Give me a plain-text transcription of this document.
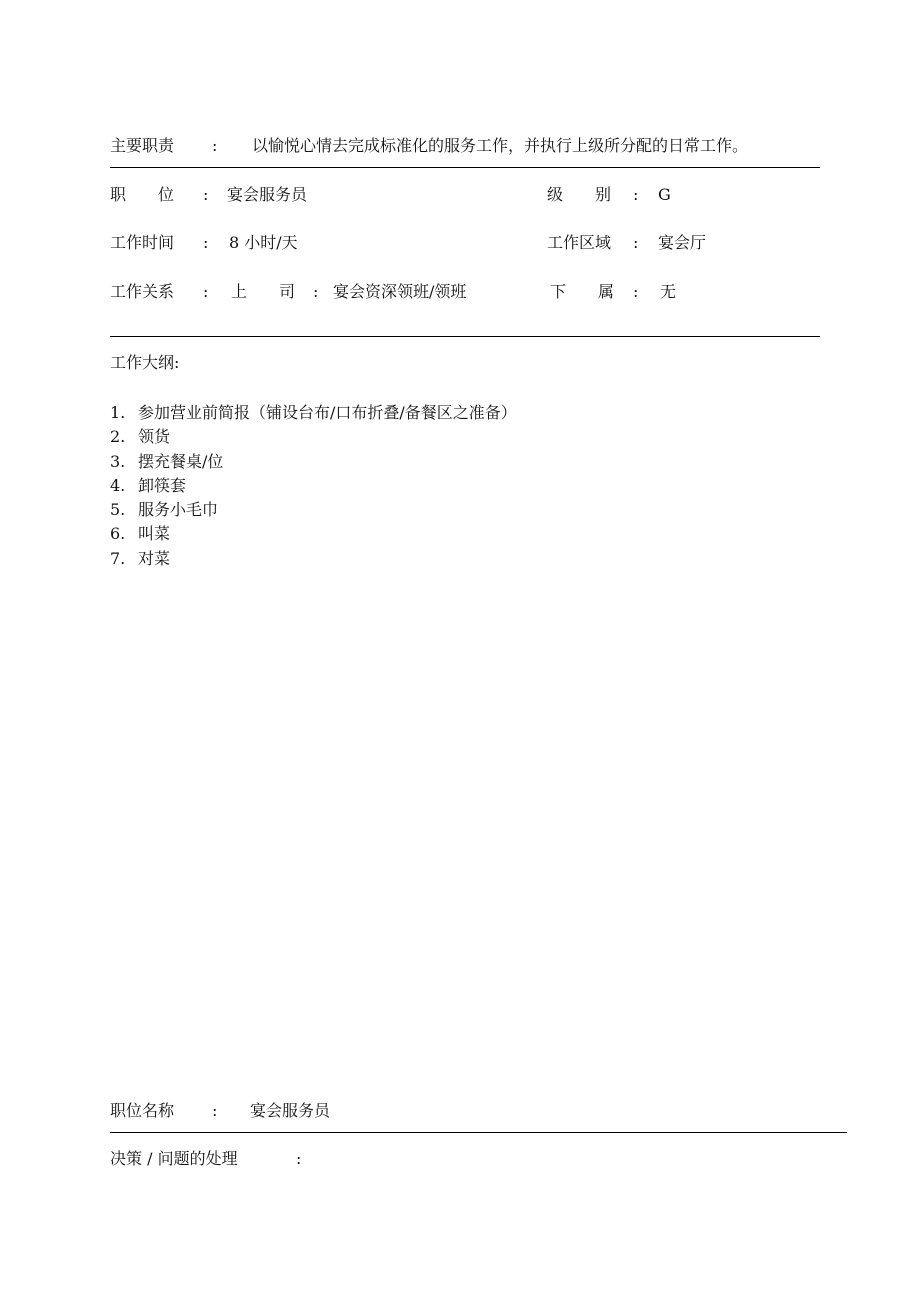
主要职责 : 以愉悦心情去完成标准化的服务工作，并执行上级所分配的日常工作。
职　　位 : 宴会服务员	级　　别 : G
工作时间 : 8 小时/天	工作区域 : 宴会厅
工作关系 : 上　　司 : 宴会资深领班/领班	下　　属 : 无
工作大纲:
1. 参加营业前简报（铺设台布/口布折叠/备餐区之准备）
2. 领货
3. 摆充餐桌/位
4. 卸筷套
5. 服务小毛巾
6. 叫菜
7. 对菜
职位名称 : 宴会服务员
决策 / 问题的处理	:
